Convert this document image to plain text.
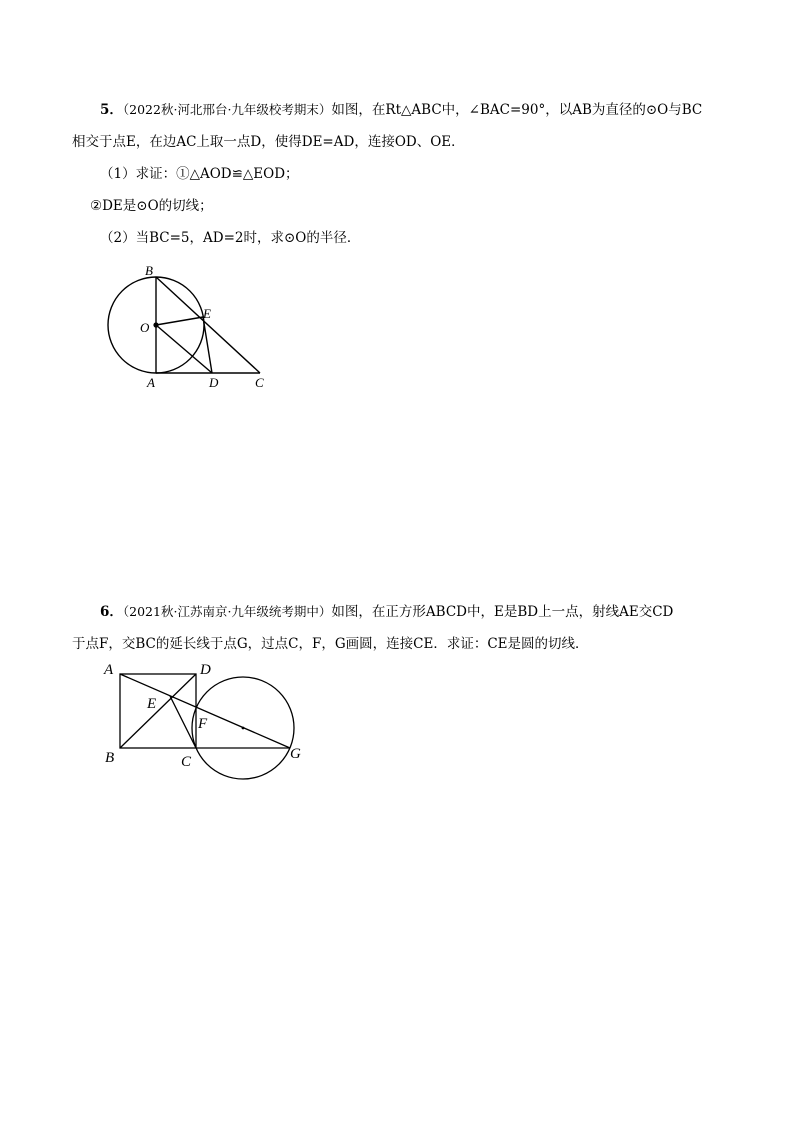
5．（2022秋·河北邢台·九年级校考期末）如图，在Rt△ABC中，∠BAC=90°，以AB为直径的⊙O与BC
相交于点E，在边AC上取一点D，使得DE=AD，连接OD、OE．
（1）求证：①△AOD≌△EOD；
②DE是⊙O的切线；
（2）当BC=5，AD=2时，求⊙O的半径．
B
O
E
A	D	C
6．（2021秋·江苏南京·九年级统考期中）如图，在正方形ABCD中，E是BD上一点，射线AE交CD
于点F，交BC的延长线于点G，过点C，F，G画圆，连接CE．求证：CE是圆的切线．
A	D
E
F
B	C	G
